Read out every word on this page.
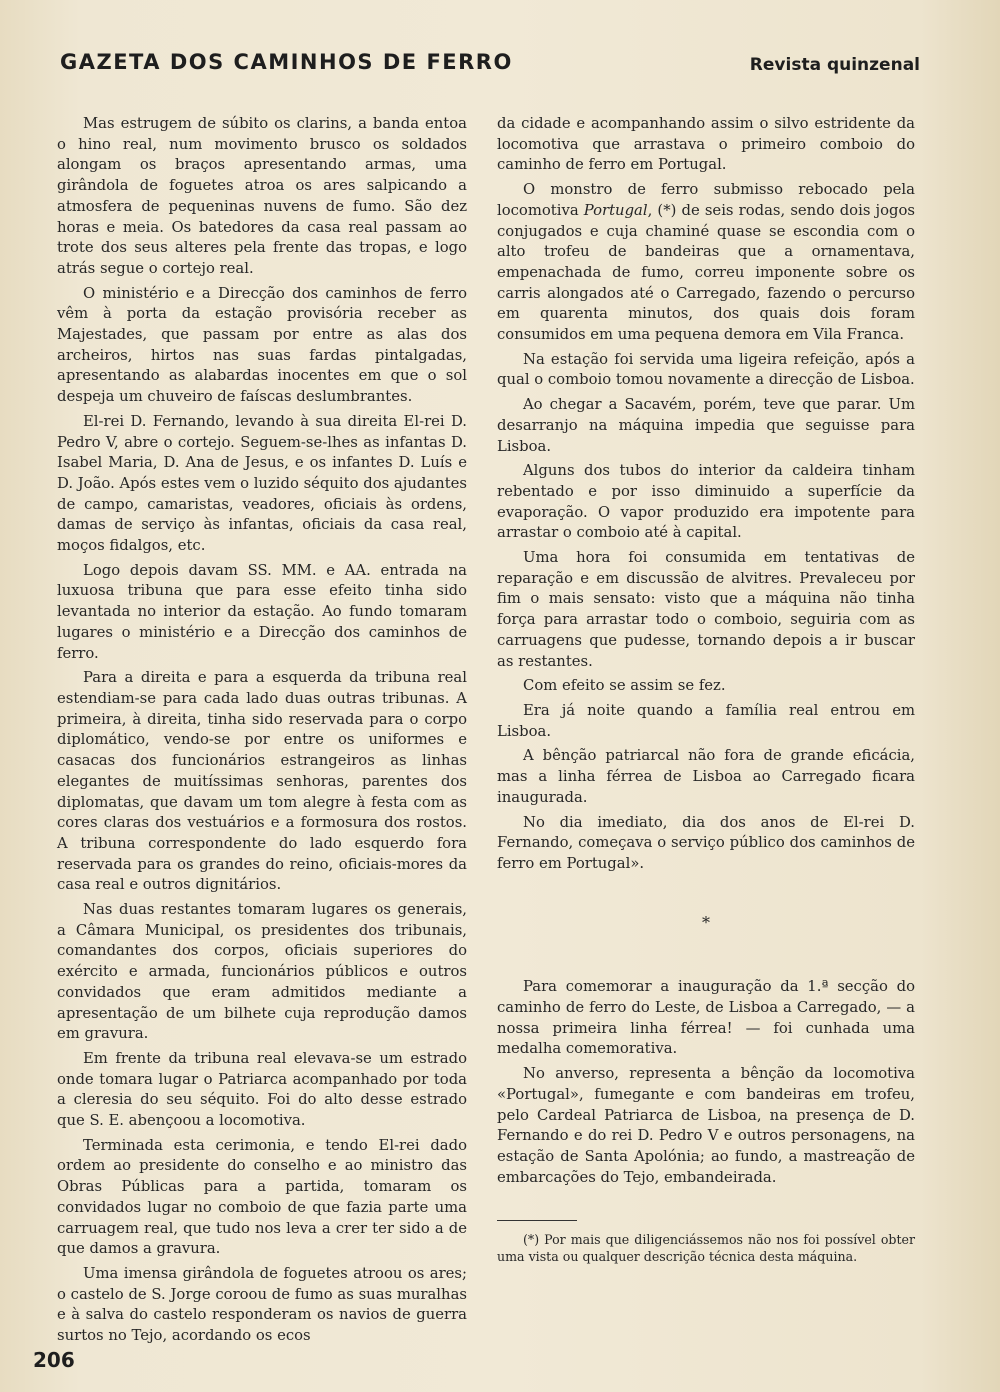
GAZETA DOS CAMINHOS DE FERRO	Revista quinzenal

Mas estrugem de súbito os clarins, a banda entoa o hino real, num movimento brusco os soldados alongam os braços apresentando armas, uma girândola de foguetes atroa os ares salpicando a atmosfera de pequeninas nuvens de fumo. São dez horas e meia. Os batedores da casa real passam ao trote dos seus alteres pela frente das tropas, e logo atrás segue o cortejo real.

O ministério e a Direcção dos caminhos de ferro vêm à porta da estação provisória receber as Majestades, que passam por entre as alas dos archeiros, hirtos nas suas fardas pintalgadas, apresentando as alabardas inocentes em que o sol despeja um chuveiro de faíscas deslumbrantes.

El-rei D. Fernando, levando à sua direita El-rei D. Pedro V, abre o cortejo. Seguem-se-lhes as infantas D. Isabel Maria, D. Ana de Jesus, e os infantes D. Luís e D. João. Após estes vem o luzido séquito dos ajudantes de campo, camaristas, veadores, oficiais às ordens, damas de serviço às infantas, oficiais da casa real, moços fidalgos, etc.

Logo depois davam SS. MM. e AA. entrada na luxuosa tribuna que para esse efeito tinha sido levantada no interior da estação. Ao fundo tomaram lugares o ministério e a Direcção dos caminhos de ferro.

Para a direita e para a esquerda da tribuna real estendiam-se para cada lado duas outras tribunas. A primeira, à direita, tinha sido reservada para o corpo diplomático, vendo-se por entre os uniformes e casacas dos funcionários estrangeiros as linhas elegantes de muitíssimas senhoras, parentes dos diplomatas, que davam um tom alegre à festa com as cores claras dos vestuários e a formosura dos rostos. A tribuna correspondente do lado esquerdo fora reservada para os grandes do reino, oficiais-mores da casa real e outros dignitários.

Nas duas restantes tomaram lugares os generais, a Câmara Municipal, os presidentes dos tribunais, comandantes dos corpos, oficiais superiores do exército e armada, funcionários públicos e outros convidados que eram admitidos mediante a apresentação de um bilhete cuja reprodução damos em gravura.

Em frente da tribuna real elevava-se um estrado onde tomara lugar o Patriarca acompanhado por toda a cleresia do seu séquito. Foi do alto desse estrado que S. E. abençoou a locomotiva.

Terminada esta cerimonia, e tendo El-rei dado ordem ao presidente do conselho e ao ministro das Obras Públicas para a partida, tomaram os convidados lugar no comboio de que fazia parte uma carruagem real, que tudo nos leva a crer ter sido a de que damos a gravura.

Uma imensa girândola de foguetes atroou os ares; o castelo de S. Jorge coroou de fumo as suas muralhas e à salva do castelo responderam os navios de guerra surtos no Tejo, acordando os ecos

da cidade e acompanhando assim o silvo estridente da locomotiva que arrastava o primeiro comboio do caminho de ferro em Portugal.

O monstro de ferro submisso rebocado pela locomotiva Portugal, (*) de seis rodas, sendo dois jogos conjugados e cuja chaminé quase se escondia com o alto trofeu de bandeiras que a ornamentava, empenachada de fumo, correu imponente sobre os carris alongados até o Carregado, fazendo o percurso em quarenta minutos, dos quais dois foram consumidos em uma pequena demora em Vila Franca.

Na estação foi servida uma ligeira refeição, após a qual o comboio tomou novamente a direcção de Lisboa.

Ao chegar a Sacavém, porém, teve que parar. Um desarranjo na máquina impedia que seguisse para Lisboa.

Alguns dos tubos do interior da caldeira tinham rebentado e por isso diminuido a superfície da evaporação. O vapor produzido era impotente para arrastar o comboio até à capital.

Uma hora foi consumida em tentativas de reparação e em discussão de alvitres. Prevaleceu por fim o mais sensato: visto que a máquina não tinha força para arrastar todo o comboio, seguiria com as carruagens que pudesse, tornando depois a ir buscar as restantes.

Com efeito se assim se fez.

Era já noite quando a família real entrou em Lisboa.

A bênção patriarcal não fora de grande eficácia, mas a linha férrea de Lisboa ao Carregado ficara inaugurada.

No dia imediato, dia dos anos de El-rei D. Fernando, começava o serviço público dos caminhos de ferro em Portugal».

*

Para comemorar a inauguração da 1.ª secção do caminho de ferro do Leste, de Lisboa a Carregado, — a nossa primeira linha férrea! — foi cunhada uma medalha comemorativa.

No anverso, representa a bênção da locomotiva «Portugal», fumegante e com bandeiras em trofeu, pelo Cardeal Patriarca de Lisboa, na presença de D. Fernando e do rei D. Pedro V e outros personagens, na estação de Santa Apolónia; ao fundo, a mastreação de embarcações do Tejo, embandeirada.

(*) Por mais que diligenciássemos não nos foi possível obter uma vista ou qualquer descrição técnica desta máquina.

206
